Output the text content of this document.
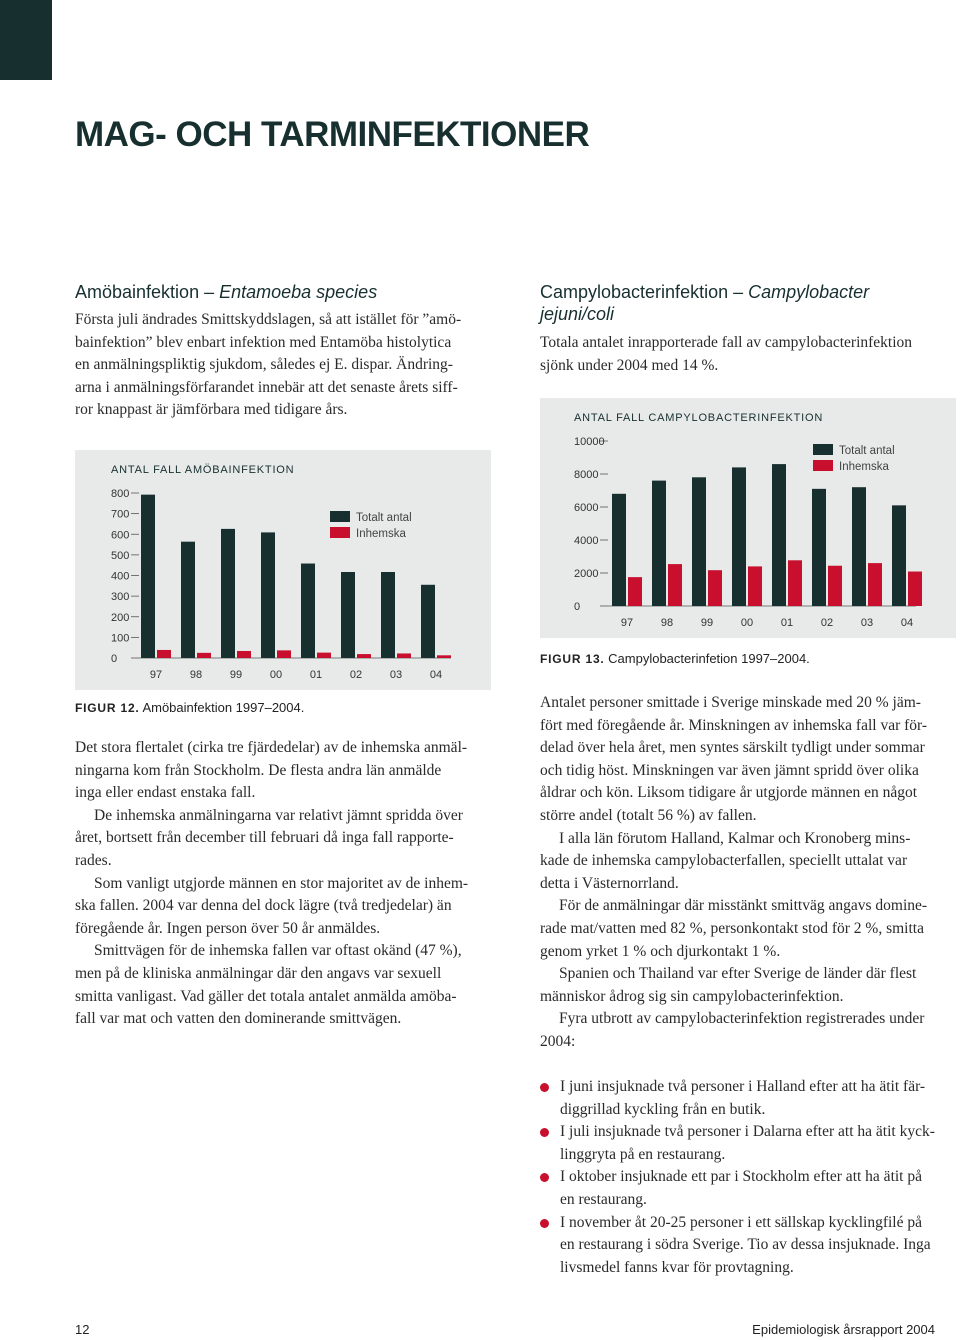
MAG- OCH TARMINFEKTIONER
Amöbainfektion – Entamoeba species
Första juli ändrades Smittskyddslagen, så att istället för ”amö-
bainfektion” blev enbart infektion med Entamöba histolytica
en anmälningspliktig sjukdom, således ej E. dispar. Ändring-
arna i anmälningsförfarandet innebär att det senaste årets siff-
ror knappast är jämförbara med tidigare års.
ANTAL FALL AMÖBAINFEKTION
0
100
200
300
400
500
600
700
800
97	98	99	00	01	02	03	04
Totalt antal
Inhemska
FIGUR 12. Amöbainfektion 1997–2004.

Det stora flertalet (cirka tre fjärdedelar) av de inhemska anmäl-
ningarna kom från Stockholm. De flesta andra län anmälde
inga eller endast enstaka fall.

De inhemska anmälningarna var relativt jämnt spridda över
året, bortsett från december till februari då inga fall rapporte-
rades.

Som vanligt utgjorde männen en stor majoritet av de inhem-
ska fallen. 2004 var denna del dock lägre (två tredjedelar) än
föregående år. Ingen person över 50 år anmäldes.

Smittvägen för de inhemska fallen var oftast okänd (47 %),
men på de kliniska anmälningar där den angavs var sexuell
smitta vanligast. Vad gäller det totala antalet anmälda amöba-
fall var mat och vatten den dominerande smittvägen.

Campylobacterinfektion – Campylobacter
jejuni/coli
Totala antalet inrapporterade fall av campylobacterinfektion
sjönk under 2004 med 14 %.
ANTAL FALL CAMPYLOBACTERINFEKTION
0
2000
4000
6000
8000
10000
97	98	99	00	01	02	03	04
Totalt antal
Inhemska
FIGUR 13. Campylobacterinfetion 1997–2004.

Antalet personer smittade i Sverige minskade med 20 % jäm-
fört med föregående år. Minskningen av inhemska fall var för-
delad över hela året, men syntes särskilt tydligt under sommar
och tidig höst. Minskningen var även jämnt spridd över olika
åldrar och kön. Liksom tidigare år utgjorde männen en något
större andel (totalt 56 %) av fallen.

I alla län förutom Halland, Kalmar och Kronoberg mins-
kade de inhemska campylobacterfallen, speciellt uttalat var
detta i Västernorrland.

För de anmälningar där misstänkt smittväg angavs domine-
rade mat/vatten med 82 %, personkontakt stod för 2 %, smitta
genom yrket 1 % och djurkontakt 1 %.

Spanien och Thailand var efter Sverige de länder där flest
människor ådrog sig sin campylobacterinfektion.

Fyra utbrott av campylobacterinfektion registrerades under
2004:

I juni insjuknade två personer i Halland efter att ha ätit fär-
diggrillad kyckling från en butik.
I juli insjuknade två personer i Dalarna efter att ha ätit kyck-
linggryta på en restaurang.
I oktober insjuknade ett par i Stockholm efter att ha ätit på
en restaurang.
I november åt 20-25 personer i ett sällskap kycklingfilé på
en restaurang i södra Sverige. Tio av dessa insjuknade. Inga
livsmedel fanns kvar för provtagning.
12	Epidemiologisk årsrapport 2004
